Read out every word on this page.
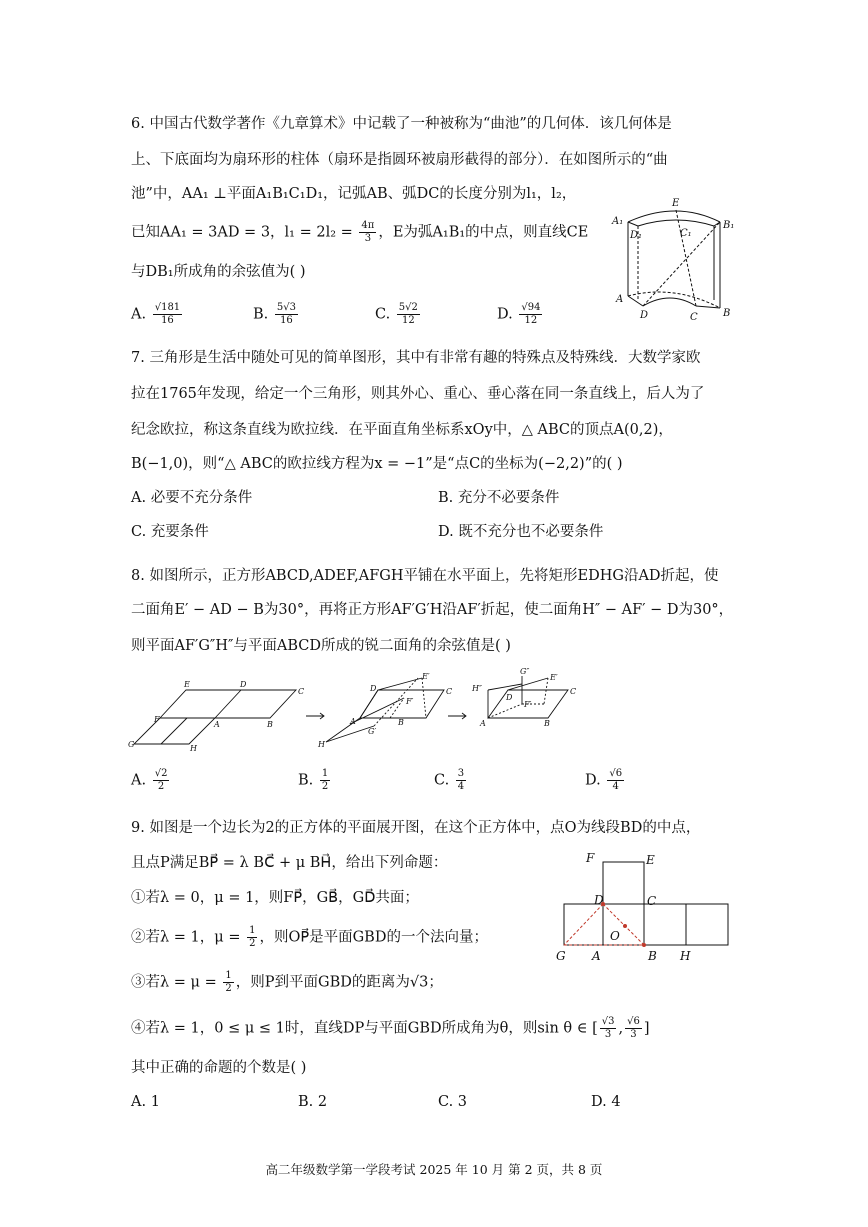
6. 中国古代数学著作《九章算术》中记载了一种被称为“曲池”的几何体．该几何体是
上、下底面均为扇环形的柱体（扇环是指圆环被扇形截得的部分）．在如图所示的“曲
池”中，AA₁ ⊥平面A₁B₁C₁D₁，记弧AB、弧DC的长度分别为l₁，l₂，
已知AA₁ = 3AD = 3，$l_1 = 2l_2 = \frac{4\pi}{3}$ ，E为弧A₁B₁的中点，则直线CE
与DB₁所成角的余弦值为( )
A. $\frac{√181}{16}$	B. $\frac{5√3}{16}$	C. $\frac{5√2}{12}$	D. $\frac{√94}{12}$
A₁
E
B₁
D₁	C₁
A
D	C	B
7. 三角形是生活中随处可见的简单图形，其中有非常有趣的特殊点及特殊线．大数学家欧
拉在1765年发现，给定一个三角形，则其外心、重心、垂心落在同一条直线上，后人为了
纪念欧拉，称这条直线为欧拉线．在平面直角坐标系xOy中，△ ABC的顶点A(0,2)，
B(−1,0)，则“△ ABC的欧拉线方程为x = −1”是“点C的坐标为(−2,2)”的( )
A. 必要不充分条件	B. 充分不必要条件
C. 充要条件	D. 既不充分也不必要条件
8. 如图所示，正方形ABCD,ADEF,AFGH平铺在水平面上，先将矩形EDHG沿AD折起，使
二面角E′ − AD − B为30°，再将正方形AF′G′H沿AF′折起，使二面角H″ − AF′ − D为30°，
则平面AF′G″H″与平面ABCD所成的锐二面角的余弦值是( )
E	D
C
F
A	B
G	H
D
E′
C
F′
A	B
G′
H
H″
G″
D
E′
C
F′
A	B
A. $\frac{√2}{2}$	B. $\frac{1}{2}$	C. $\frac{3}{4}$	D. $\frac{√6}{4}$
9. 如图是一个边长为2的正方体的平面展开图，在这个正方体中，点O为线段BD的中点，
且点P满足BP⃗ = λ BC⃗ + μ BH⃗，给出下列命题：
①若λ = 0，μ = 1，则FP⃗，GB⃗，GD⃗共面；
②若λ = 1，$\mu = \frac{1}{2}$ ，则OP⃗是平面GBD的一个法向量；
③若$\lambda = \mu = \frac{1}{2}$ ，则P到平面GBD的距离为√3；
④若λ = 1，0 ≤ μ ≤ 1时，直线DP与平面GBD所成角为θ，则sin θ ∈ [ $\frac{√3}{3}$ , $\frac{√6}{3}$ ]
其中正确的命题的个数是( )
A. 1	B. 2	C. 3	D. 4
F	E
D	C
O
G A	B H
高二年级数学第一学段考试 2025 年 10 月 第 2 页，共 8 页
